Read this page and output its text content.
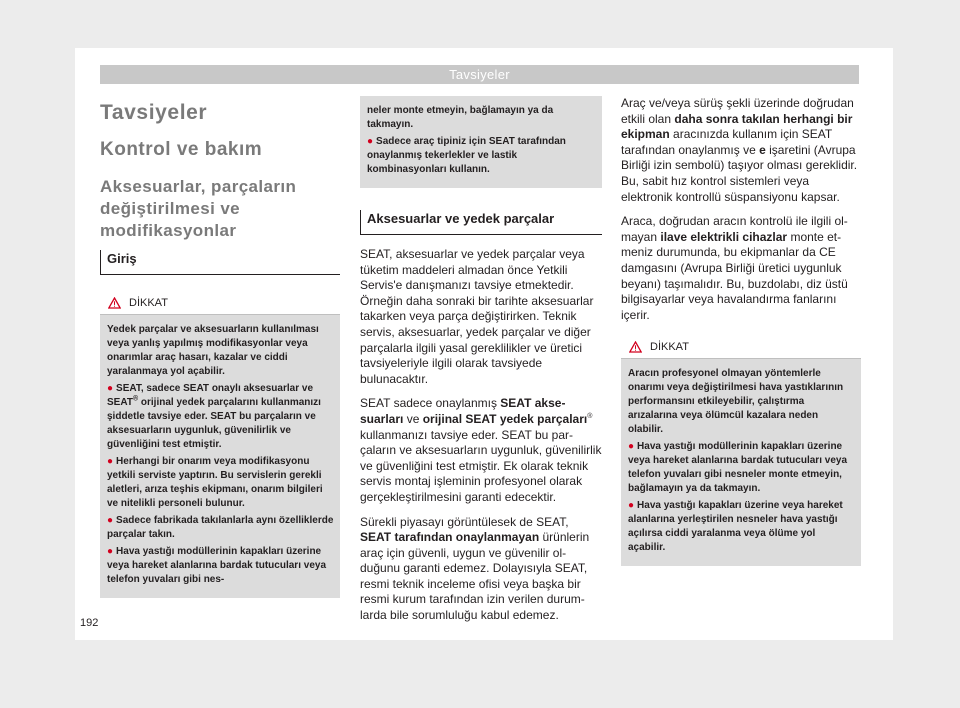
Tavsiyeler
Tavsiyeler
Kontrol ve bakım
Aksesuarlar, parçaların değiştirilmesi ve modifikasyonlar
Giriş
DİKKAT

Yedek parçalar ve aksesuarların kullanılması veya yanlış yapılmış modifikasyonlar veya onarımlar araç hasarı, kazalar ve ciddi yaralanmaya yol açabilir.

● SEAT, sadece SEAT onaylı aksesuarlar ve SEAT® orijinal yedek parçalarını kullanmanızı şiddetle tavsiye eder. SEAT bu parçaların ve aksesuarların uygunluk, güvenilirlik ve güvenliğini test etmiştir.

● Herhangi bir onarım veya modifikasyonu yetkili serviste yaptırın. Bu servislerin gerekli aletleri, arıza teşhis ekipmanı, onarım bilgileri ve nitelikli personeli bulunur.

● Sadece fabrikada takılanlarla aynı özelliklerde parçalar takın.

● Hava yastığı modüllerinin kapakları üzerine veya hareket alanlarına bardak tutucuları veya telefon yuvaları gibi nes-

neler monte etmeyin, bağlamayın ya da takmayın.

● Sadece araç tipiniz için SEAT tarafından onaylanmış tekerlekler ve lastik kombinasyonları kullanın.

Aksesuarlar ve yedek parçalar

SEAT, aksesuarlar ve yedek parçalar veya tüketim maddeleri almadan önce Yetkili Servis'e danışmanızı tavsiye etmektedir. Örneğin daha sonraki bir tarihte aksesuarlar takarken veya parça değiştirirken. Teknik servis, aksesuarlar, yedek parçalar ve diğer parçalarla ilgili yasal gereklilikler ve üretici tavsiyeleriyle ilgili olarak tavsiyede bulunacaktır.

SEAT sadece onaylanmış SEAT aksesuarları ve orijinal SEAT yedek parçaları® kullanmanızı tavsiye eder. SEAT bu parçaların ve aksesuarların uygunluk, güvenilirlik ve güvenliğini test etmiştir. Ek olarak teknik servis montaj işleminin profesyonel olarak gerçekleştirilmesini garanti edecektir.

Sürekli piyasayı görüntülesek de SEAT, SEAT tarafından onaylanmayan ürünlerin araç için güvenli, uygun ve güvenilir olduğunu garanti edemez. Dolayısıyla SEAT, resmi teknik inceleme ofisi veya başka bir resmi kurum tarafından izin verilen durumlarda bile sorumluluğu kabul edemez.

Araç ve/veya sürüş şekli üzerinde doğrudan etkili olan daha sonra takılan herhangi bir ekipman aracınızda kullanım için SEAT tarafından onaylanmış ve e işaretini (Avrupa Birliği izin sembolü) taşıyor olması gereklidir. Bu, sabit hız kontrol sistemleri veya elektronik kontrollü süspansiyonu kapsar.

Araca, doğrudan aracın kontrolü ile ilgili olmayan ilave elektrikli cihazlar monte etmeniz durumunda, bu ekipmanlar da CE damgasını (Avrupa Birliği üretici uygunluk beyanı) taşımalıdır. Bu, buzdolabı, diz üstü bilgisayarlar veya havalandırma fanlarını içerir.

DİKKAT

Aracın profesyonel olmayan yöntemlerle onarımı veya değiştirilmesi hava yastıklarının performansını etkileyebilir, çalıştırma arızalarına veya ölümcül kazalara neden olabilir.

● Hava yastığı modüllerinin kapakları üzerine veya hareket alanlarına bardak tutucuları veya telefon yuvaları gibi nesneler monte etmeyin, bağlamayın ya da takmayın.

● Hava yastığı kapakları üzerine veya hareket alanlarına yerleştirilen nesneler hava yastığı açılırsa ciddi yaralanma veya ölüme yol açabilir.

192
